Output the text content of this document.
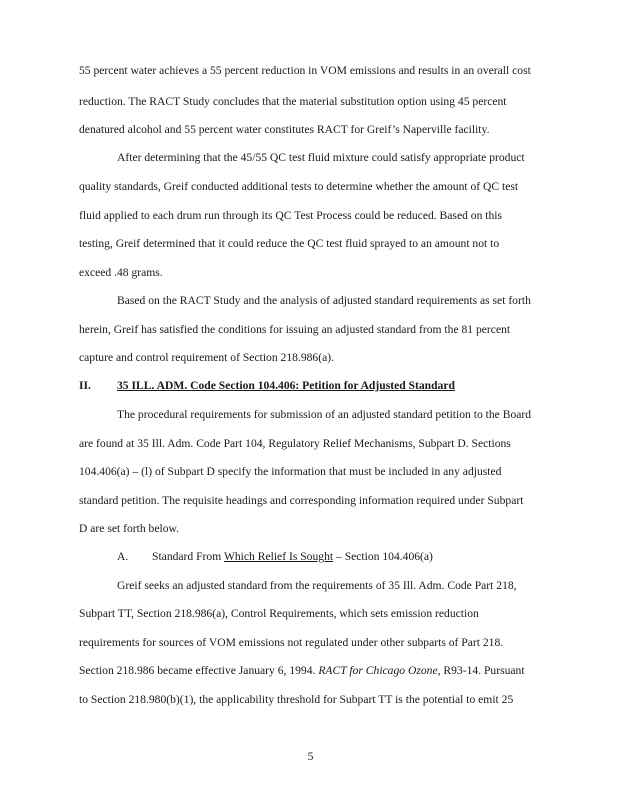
55 percent water achieves a 55 percent reduction in VOM emissions and results in an overall cost
reduction. The RACT Study concludes that the material substitution option using 45 percent
denatured alcohol and 55 percent water constitutes RACT for Greif’s Naperville facility.
After determining that the 45/55 QC test fluid mixture could satisfy appropriate product
quality standards, Greif conducted additional tests to determine whether the amount of QC test
fluid applied to each drum run through its QC Test Process could be reduced. Based on this
testing, Greif determined that it could reduce the QC test fluid sprayed to an amount not to
exceed .48 grams.
Based on the RACT Study and the analysis of adjusted standard requirements as set forth
herein, Greif has satisfied the conditions for issuing an adjusted standard from the 81 percent
capture and control requirement of Section 218.986(a).
II. 35 ILL. ADM. Code Section 104.406: Petition for Adjusted Standard
The procedural requirements for submission of an adjusted standard petition to the Board
are found at 35 Ill. Adm. Code Part 104, Regulatory Relief Mechanisms, Subpart D. Sections
104.406(a) – (l) of Subpart D specify the information that must be included in any adjusted
standard petition. The requisite headings and corresponding information required under Subpart
D are set forth below.
A. Standard From Which Relief Is Sought – Section 104.406(a)
Greif seeks an adjusted standard from the requirements of 35 Ill. Adm. Code Part 218,
Subpart TT, Section 218.986(a), Control Requirements, which sets emission reduction
requirements for sources of VOM emissions not regulated under other subparts of Part 218.
Section 218.986 became effective January 6, 1994. RACT for Chicago Ozone, R93-14. Pursuant
to Section 218.980(b)(1), the applicability threshold for Subpart TT is the potential to emit 25
5
